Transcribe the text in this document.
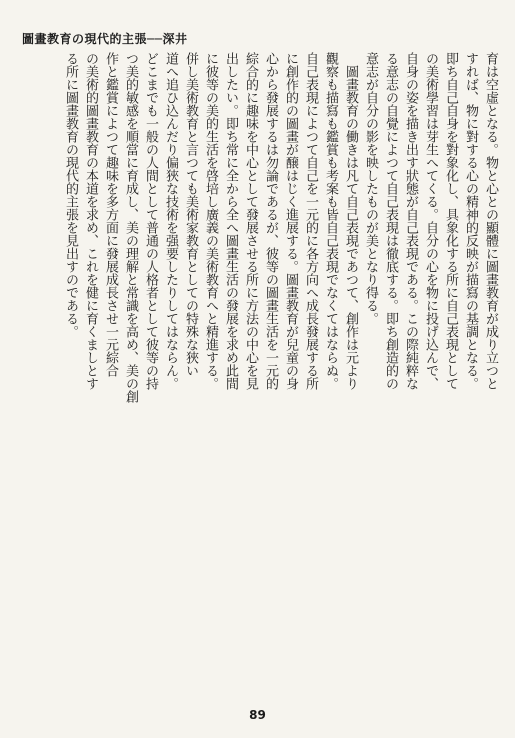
圖畫教育の現代的主張──深井
育は空虛となる。物と心との顯體に圖畫教育が成り立つと
すれば、物に對する心の精神的反映が描寫の基調となる。
即ち自己自身を對象化し、具象化する所に自己表現として
の美術學習は芽生へてくる。自分の心を物に投げ込んで、
自身の姿を描き出す狀態が自己表現である。この際純粹な
る意志の自覺によつて自己表現は徹底する。即ち創造的の
意志が自分の影を映したものが美となり得る。
　圖畫教育の働きは凡て自己表現であつて、創作は元より
觀察も描寫も鑑賞も考案も皆自己表現でなくてはならぬ。
自己表現によつて自己を一元的に各方向へ成長發展する所
に創作的の圖畫が醸はじく進展する。圖畫教育が兒童の身
心から發展するは勿論であるが、彼等の圖畫生活を一元的
綜合的に趣味を中心として發展させる所に方法の中心を見
出したい。即ち常に全から全へ圖畫生活の發展を求め此間
に彼等の美的生活を啓培し廣義の美術教育へと精進する。
併し美術教育と言つても美術家教育としての特殊な狹い
道へ追ひ込んだり偏狹な技術を强要したりしてはならん。
どこまでも一般の人間として普通の人格者として彼等の持
つ美的敏感を順當に育成し、美の理解と常識を高め、美の創
作と鑑賞によつて趣味を多方面に發展成長させ一元綜合
の美術的圖畫教育の本道を求め、これを健に育くましとす
る所に圖畫教育の現代的主張を見出すのである。
89
